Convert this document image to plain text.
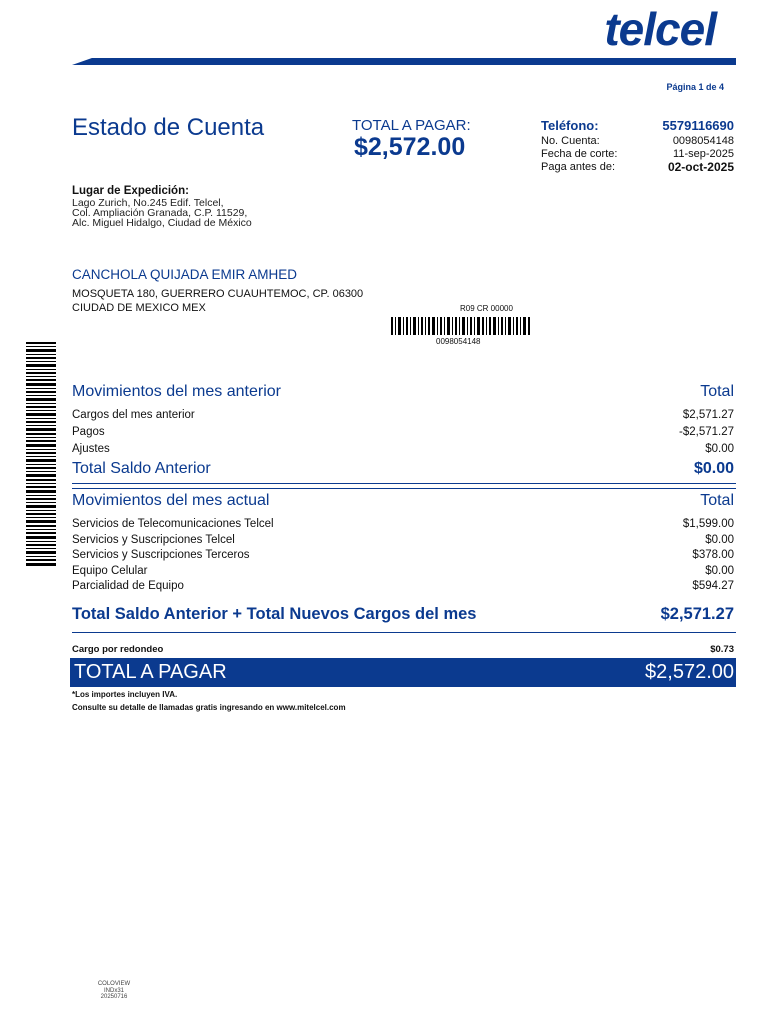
telcel
Página 1 de 4
Estado de Cuenta	TOTAL A PAGAR:
$2,572.00
Teléfono:	5579116690
No. Cuenta:	0098054148
Fecha de corte:	11-sep-2025
Paga antes de:	02-oct-2025
Lugar de Expedición:
Lago Zurich, No.245 Edif. Telcel,
Col. Ampliación Granada, C.P. 11529,
Alc. Miguel Hidalgo, Ciudad de México
CANCHOLA QUIJADA EMIR AMHED
MOSQUETA 180, GUERRERO CUAUHTEMOC, CP. 06300
CIUDAD DE MEXICO MEX	R09 CR 00000
0098054148
Movimientos del mes anterior	Total
Cargos del mes anterior	$2,571.27
Pagos	-$2,571.27
Ajustes	$0.00
Total Saldo Anterior	$0.00
Movimientos del mes actual	Total
Servicios de Telecomunicaciones Telcel	$1,599.00
Servicios y Suscripciones Telcel	$0.00
Servicios y Suscripciones Terceros	$378.00
Equipo Celular	$0.00
Parcialidad de Equipo	$594.27
Total Saldo Anterior + Total Nuevos Cargos del mes	$2,571.27
Cargo por redondeo	$0.73
TOTAL A PAGAR	$2,572.00
*Los importes incluyen IVA.
Consulte su detalle de llamadas gratis ingresando en www.mitelcel.com
COLOVIEW
INDx31
20250716
